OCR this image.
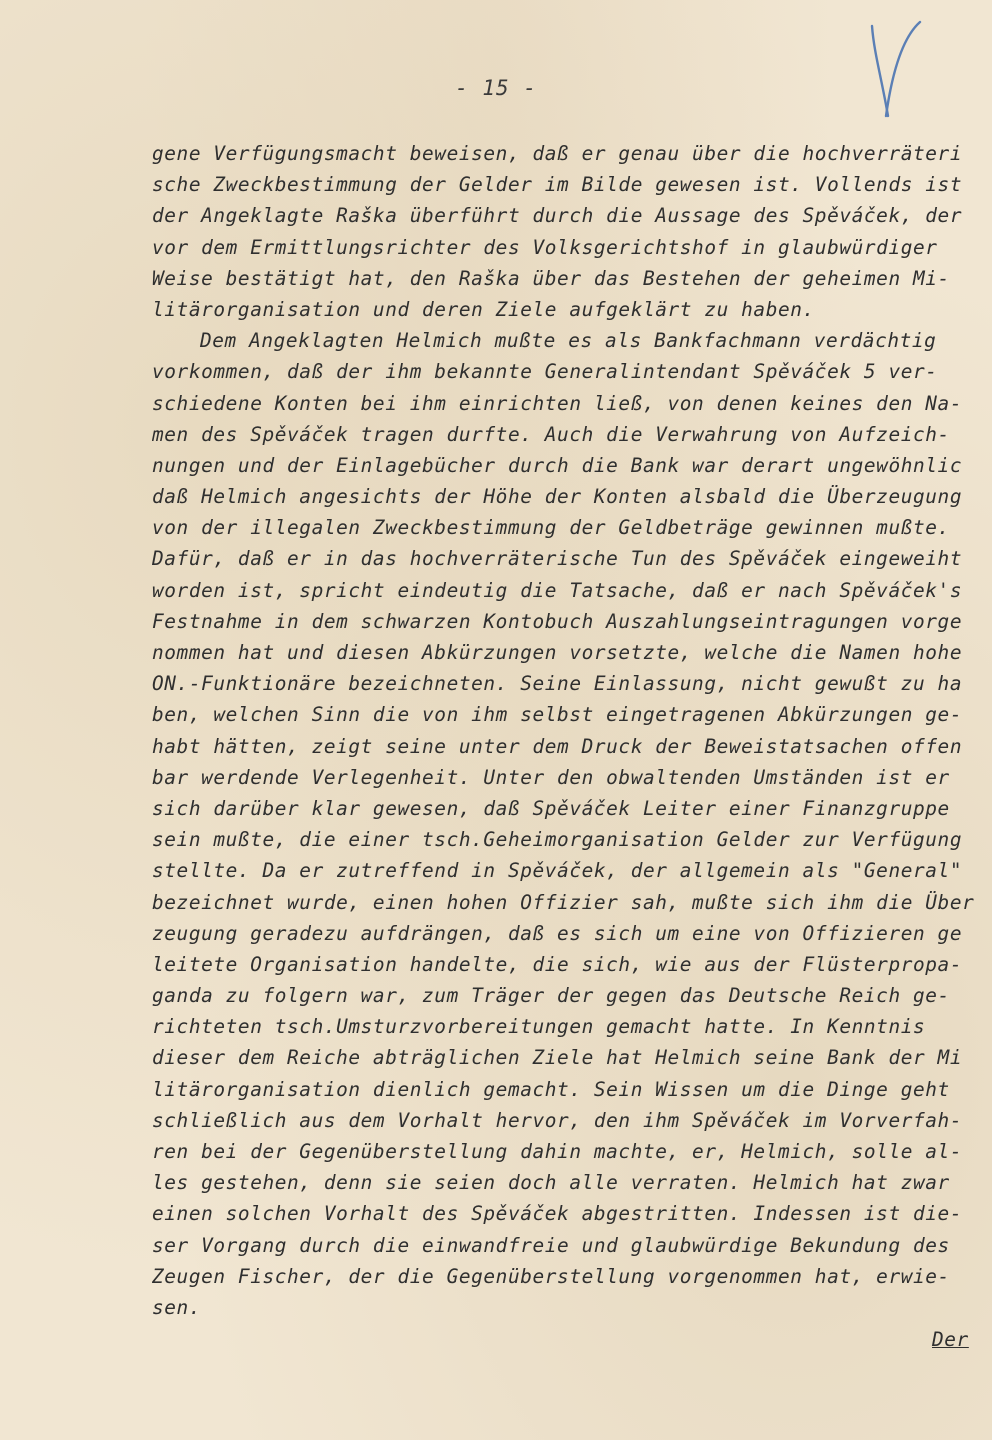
- 15 -
gene Verfügungsmacht beweisen, daß er genau über die hochverräteri
sche Zweckbestimmung der Gelder im Bilde gewesen ist. Vollends ist
der Angeklagte Raška überführt durch die Aussage des Spěváček, der
vor dem Ermittlungsrichter des Volksgerichtshof in glaubwürdiger
Weise bestätigt hat, den Raška über das Bestehen der geheimen Mi-
litärorganisation und deren Ziele aufgeklärt zu haben.
Dem Angeklagten Helmich mußte es als Bankfachmann verdächtig
vorkommen, daß der ihm bekannte Generalintendant Spěváček 5 ver-
schiedene Konten bei ihm einrichten ließ, von denen keines den Na-
men des Spěváček tragen durfte. Auch die Verwahrung von Aufzeich-
nungen und der Einlagebücher durch die Bank war derart ungewöhnlic
daß Helmich angesichts der Höhe der Konten alsbald die Überzeugung
von der illegalen Zweckbestimmung der Geldbeträge gewinnen mußte.
Dafür, daß er in das hochverräterische Tun des Spěváček eingeweiht
worden ist, spricht eindeutig die Tatsache, daß er nach Spěváček's
Festnahme in dem schwarzen Kontobuch Auszahlungseintragungen vorge
nommen hat und diesen Abkürzungen vorsetzte, welche die Namen hohe
ON.-Funktionäre bezeichneten. Seine Einlassung, nicht gewußt zu ha
ben, welchen Sinn die von ihm selbst eingetragenen Abkürzungen ge-
habt hätten, zeigt seine unter dem Druck der Beweistatsachen offen
bar werdende Verlegenheit. Unter den obwaltenden Umständen ist er
sich darüber klar gewesen, daß Spěváček Leiter einer Finanzgruppe
sein mußte, die einer tsch.Geheimorganisation Gelder zur Verfügung
stellte. Da er zutreffend in Spěváček, der allgemein als "General"
bezeichnet wurde, einen hohen Offizier sah, mußte sich ihm die Über
zeugung geradezu aufdrängen, daß es sich um eine von Offizieren ge
leitete Organisation handelte, die sich, wie aus der Flüsterpropa-
ganda zu folgern war, zum Träger der gegen das Deutsche Reich ge-
richteten tsch.Umsturzvorbereitungen gemacht hatte. In Kenntnis
dieser dem Reiche abträglichen Ziele hat Helmich seine Bank der Mi
litärorganisation dienlich gemacht. Sein Wissen um die Dinge geht
schließlich aus dem Vorhalt hervor, den ihm Spěváček im Vorverfah-
ren bei der Gegenüberstellung dahin machte, er, Helmich, solle al-
les gestehen, denn sie seien doch alle verraten. Helmich hat zwar
einen solchen Vorhalt des Spěváček abgestritten. Indessen ist die-
ser Vorgang durch die einwandfreie und glaubwürdige Bekundung des
Zeugen Fischer, der die Gegenüberstellung vorgenommen hat, erwie-
sen.
Der
